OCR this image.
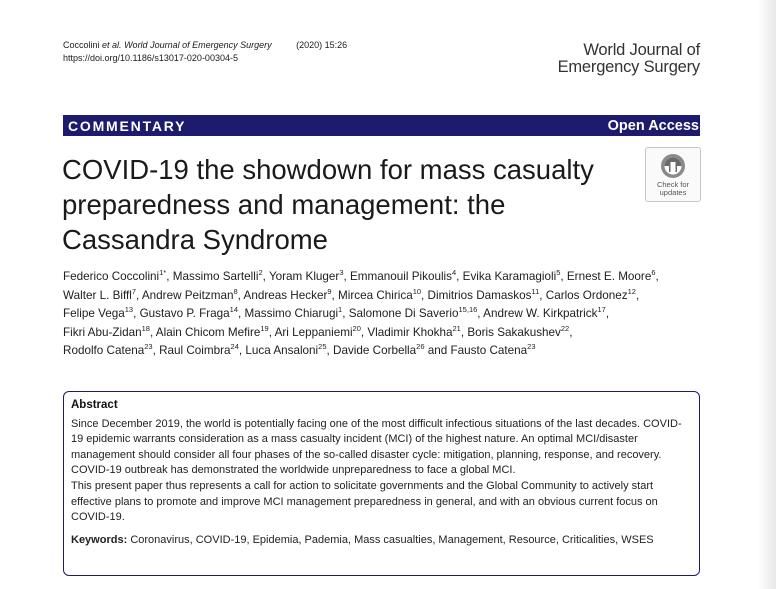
Coccolini et al. World Journal of Emergency Surgery	(2020) 15:26
https://doi.org/10.1186/s13017-020-00304-5	World Journal of
Emergency Surgery
COMMENTARY	Open Access
COVID-19 the showdown for mass casualty preparedness and management: the Cassandra Syndrome
Check for
updates
Federico Coccolini$^{1*}$, Massimo Sartelli$^2$, Yoram Kluger$^3$, Emmanouil Pikoulis$^4$, Evika Karamagioli$^5$, Ernest E. Moore$^6$,
Walter L. Biffl$^7$, Andrew Peitzman$^8$, Andreas Hecker$^9$, Mircea Chirica$^{10}$, Dimitrios Damaskos$^{11}$, Carlos Ordonez$^{12}$,
Felipe Vega$^{13}$, Gustavo P. Fraga$^{14}$, Massimo Chiarugi$^1$, Salomone Di Saverio$^{15,16}$, Andrew W. Kirkpatrick$^{17}$,
Fikri Abu-Zidan$^{18}$, Alain Chicom Mefire$^{19}$, Ari Leppaniemi$^{20}$, Vladimir Khokha$^{21}$, Boris Sakakushev$^{22}$,
Rodolfo Catena$^{23}$, Raul Coimbra$^{24}$, Luca Ansaloni$^{25}$, Davide Corbella$^{26}$ and Fausto Catena$^{23}$
Abstract

Since December 2019, the world is potentially facing one of the most difficult infectious situations of the last decades. COVID-19 epidemic warrants consideration as a mass casualty incident (MCI) of the highest nature. An optimal MCI/disaster management should consider all four phases of the so-called disaster cycle: mitigation, planning, response, and recovery. COVID-19 outbreak has demonstrated the worldwide unpreparedness to face a global MCI.

This present paper thus represents a call for action to solicitate governments and the Global Community to actively start effective plans to promote and improve MCI management preparedness in general, and with an obvious current focus on COVID-19.

Keywords: Coronavirus, COVID-19, Epidemia, Pademia, Mass casualties, Management, Resource, Criticalities, WSES
